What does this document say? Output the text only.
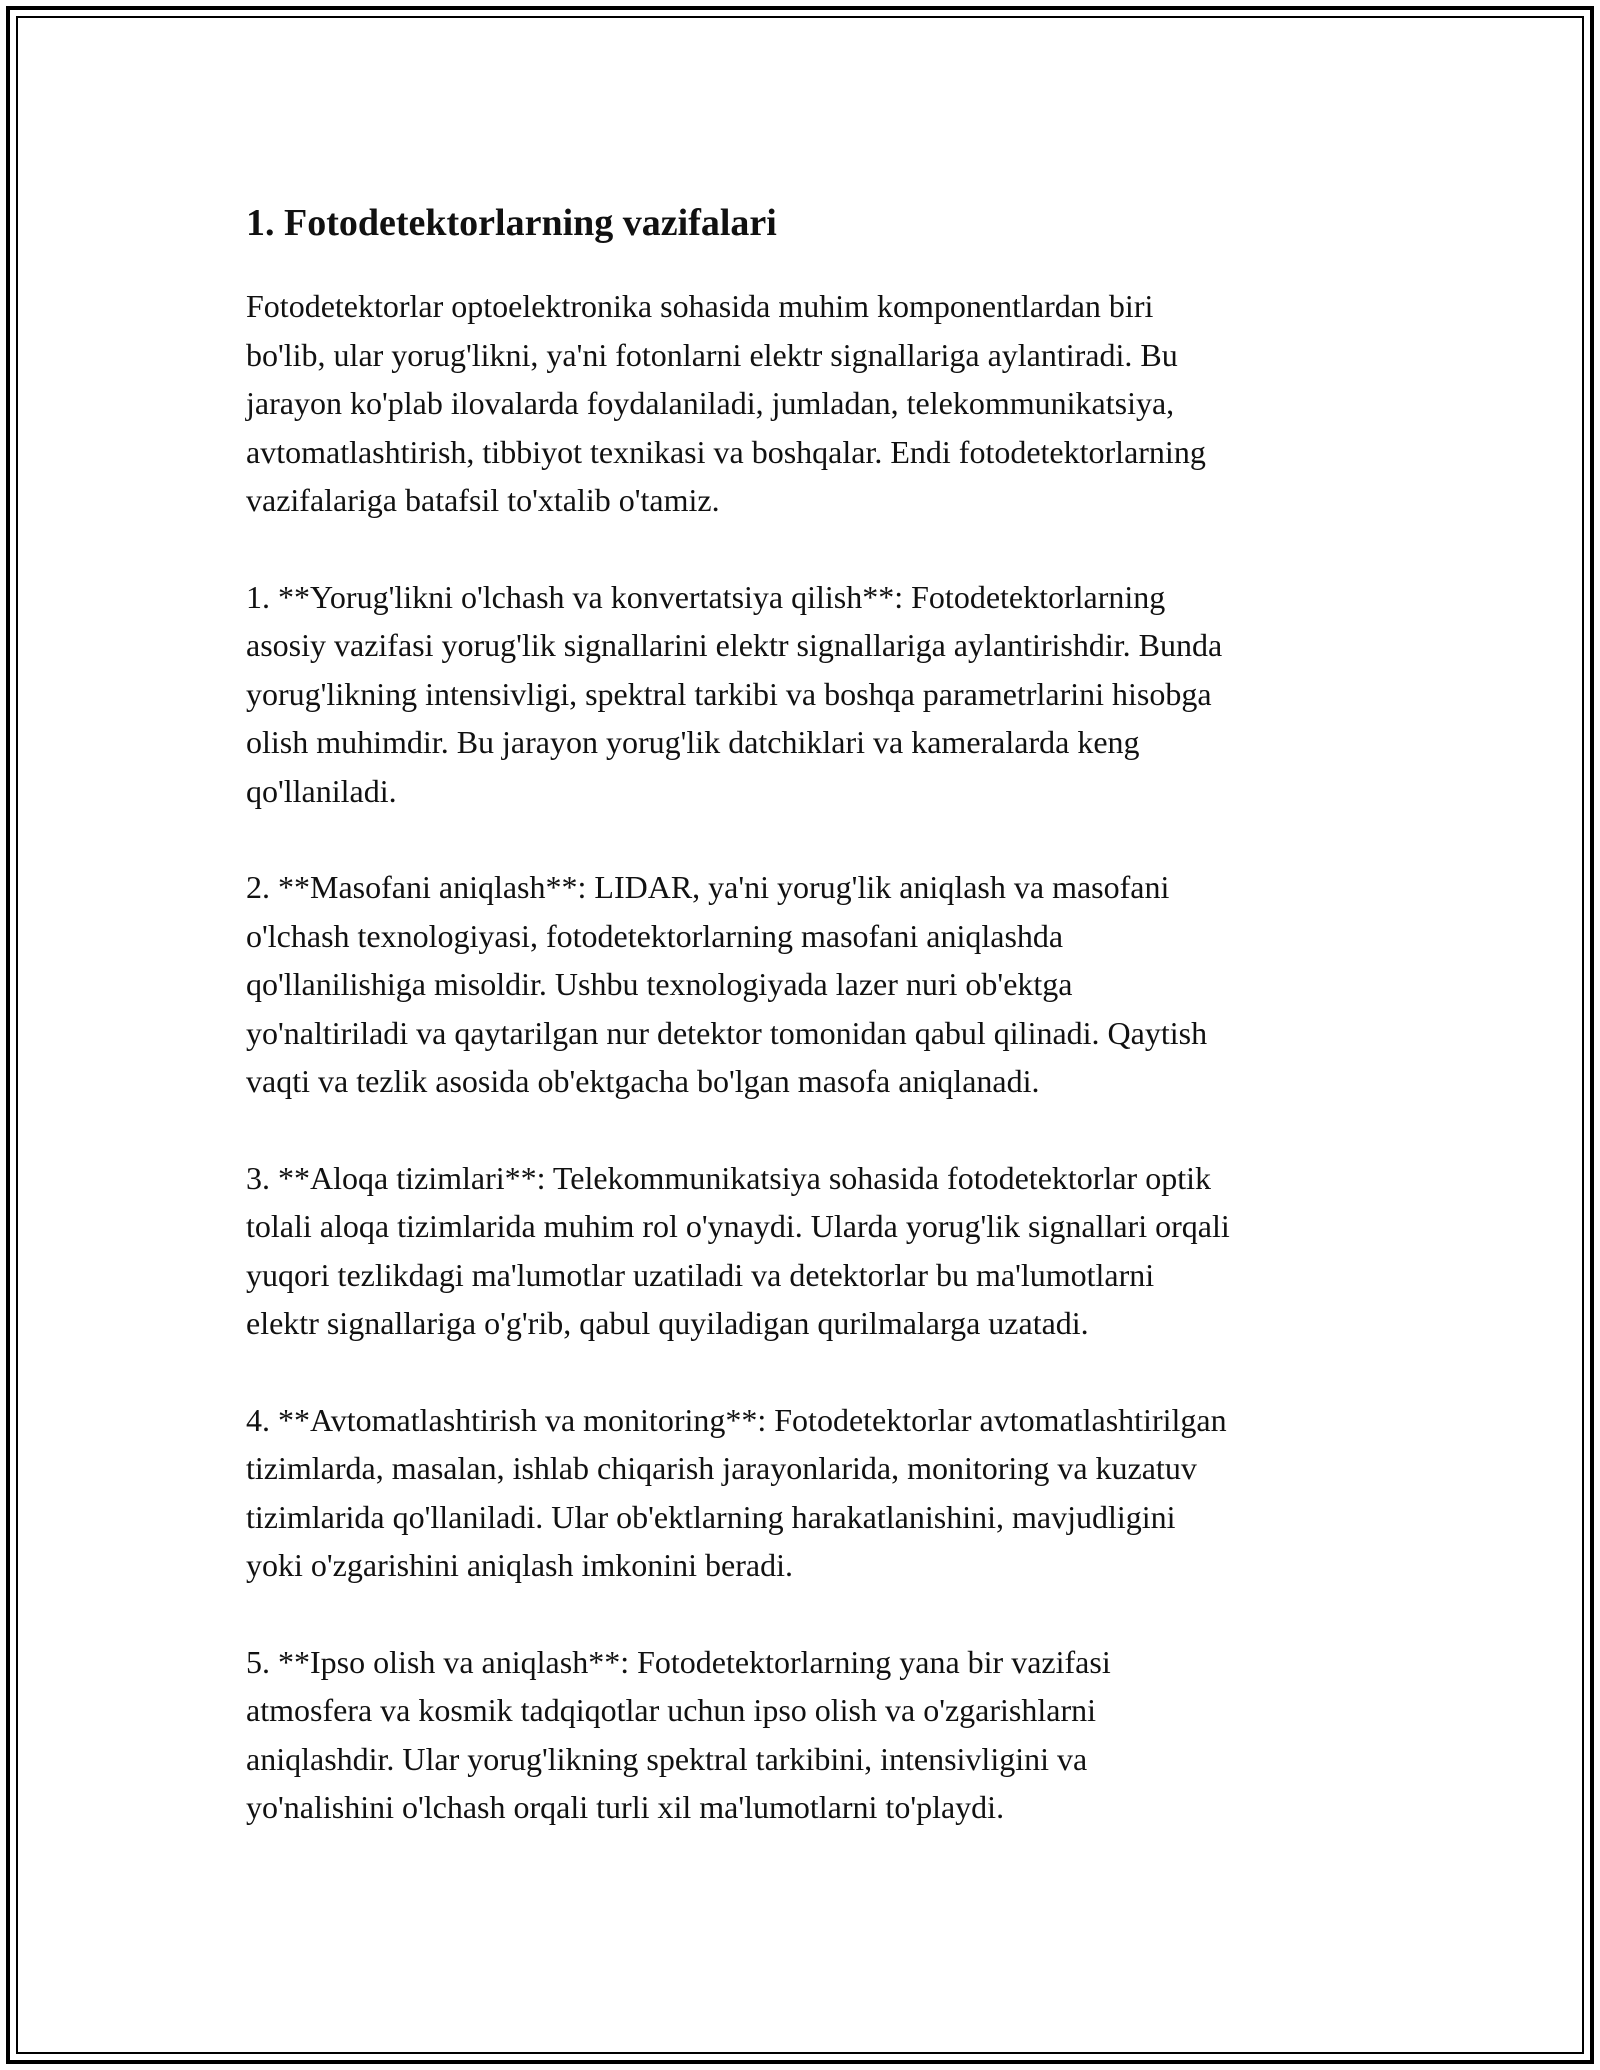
1. Fotodetektorlarning vazifalari

Fotodetektorlar optoelektronika sohasida muhim komponentlardan biri
bo'lib, ular yorug'likni, ya'ni fotonlarni elektr signallariga aylantiradi. Bu
jarayon ko'plab ilovalarda foydalaniladi, jumladan, telekommunikatsiya,
avtomatlashtirish, tibbiyot texnikasi va boshqalar. Endi fotodetektorlarning
vazifalariga batafsil to'xtalib o'tamiz.

1. **Yorug'likni o'lchash va konvertatsiya qilish**: Fotodetektorlarning
asosiy vazifasi yorug'lik signallarini elektr signallariga aylantirishdir. Bunda
yorug'likning intensivligi, spektral tarkibi va boshqa parametrlarini hisobga
olish muhimdir. Bu jarayon yorug'lik datchiklari va kameralarda keng
qo'llaniladi.

2. **Masofani aniqlash**: LIDAR, ya'ni yorug'lik aniqlash va masofani
o'lchash texnologiyasi, fotodetektorlarning masofani aniqlashda
qo'llanilishiga misoldir. Ushbu texnologiyada lazer nuri ob'ektga
yo'naltiriladi va qaytarilgan nur detektor tomonidan qabul qilinadi. Qaytish
vaqti va tezlik asosida ob'ektgacha bo'lgan masofa aniqlanadi.

3. **Aloqa tizimlari**: Telekommunikatsiya sohasida fotodetektorlar optik
tolali aloqa tizimlarida muhim rol o'ynaydi. Ularda yorug'lik signallari orqali
yuqori tezlikdagi ma'lumotlar uzatiladi va detektorlar bu ma'lumotlarni
elektr signallariga o'g'rib, qabul quyiladigan qurilmalarga uzatadi.

4. **Avtomatlashtirish va monitoring**: Fotodetektorlar avtomatlashtirilgan
tizimlarda, masalan, ishlab chiqarish jarayonlarida, monitoring va kuzatuv
tizimlarida qo'llaniladi. Ular ob'ektlarning harakatlanishini, mavjudligini
yoki o'zgarishini aniqlash imkonini beradi.

5. **Ipso olish va aniqlash**: Fotodetektorlarning yana bir vazifasi
atmosfera va kosmik tadqiqotlar uchun ipso olish va o'zgarishlarni
aniqlashdir. Ular yorug'likning spektral tarkibini, intensivligini va
yo'nalishini o'lchash orqali turli xil ma'lumotlarni to'playdi.
